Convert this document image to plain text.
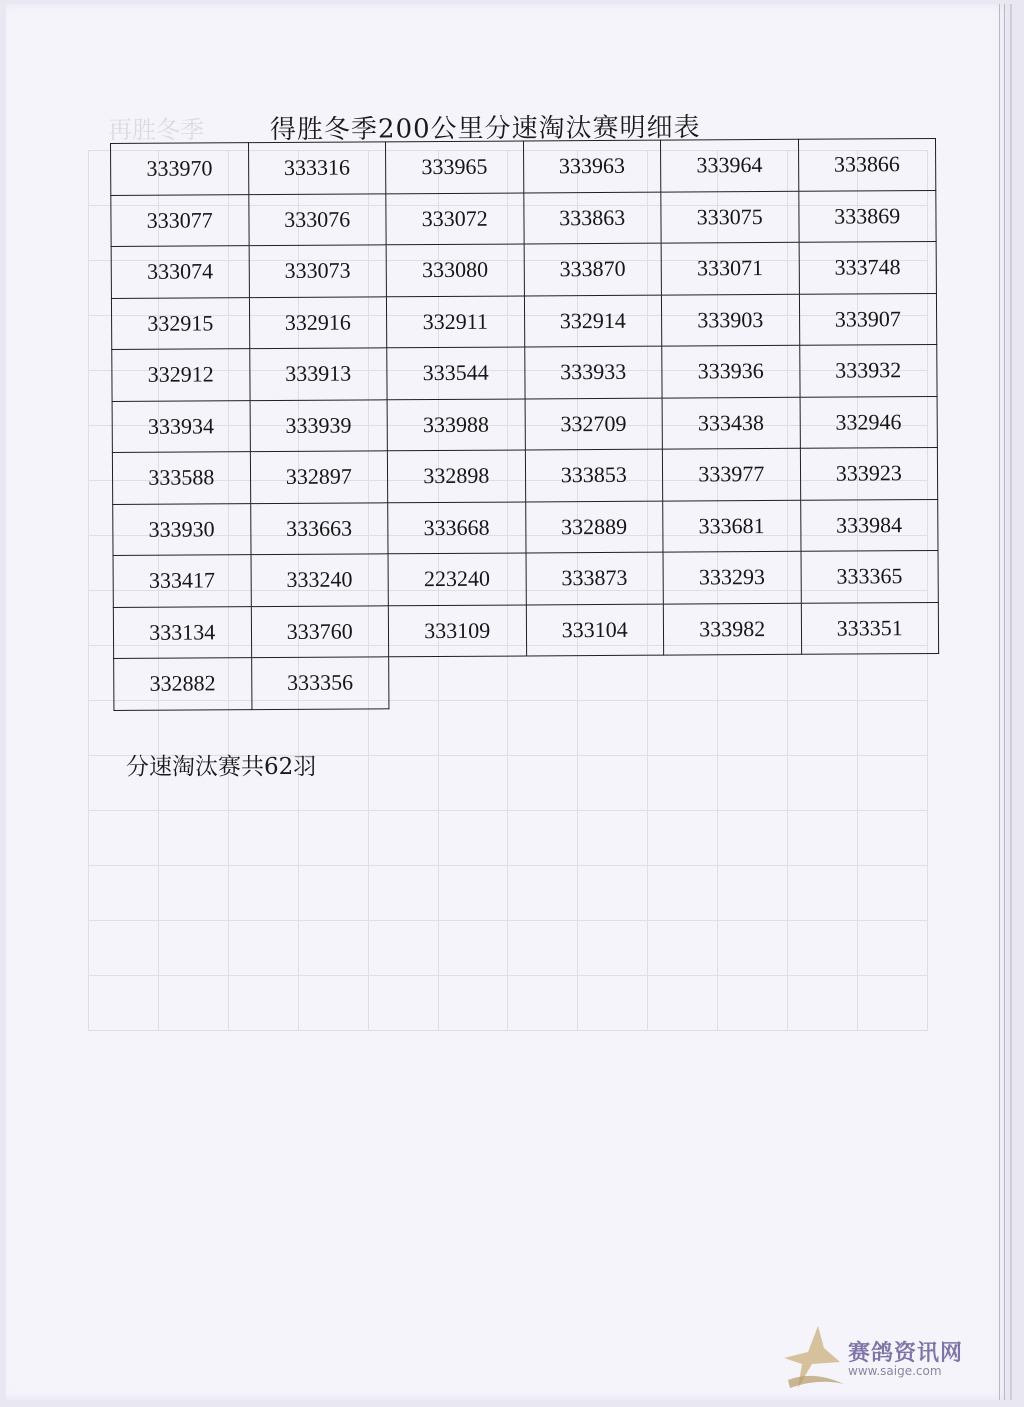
得胜冬季200公里分速淘汰赛明细表
333970	333316	333965	333963	333964	333866
333077	333076	333072	333863	333075	333869
333074	333073	333080	333870	333071	333748
332915	332916	332911	332914	333903	333907
332912	333913	333544	333933	333936	333932
333934	333939	333988	332709	333438	332946
333588	332897	332898	333853	333977	333923
333930	333663	333668	332889	333681	333984
333417	333240	223240	333873	333293	333365
333134	333760	333109	333104	333982	333351
332882	333356				
分速淘汰赛共62羽
赛鸽资讯网
www.saige.com
